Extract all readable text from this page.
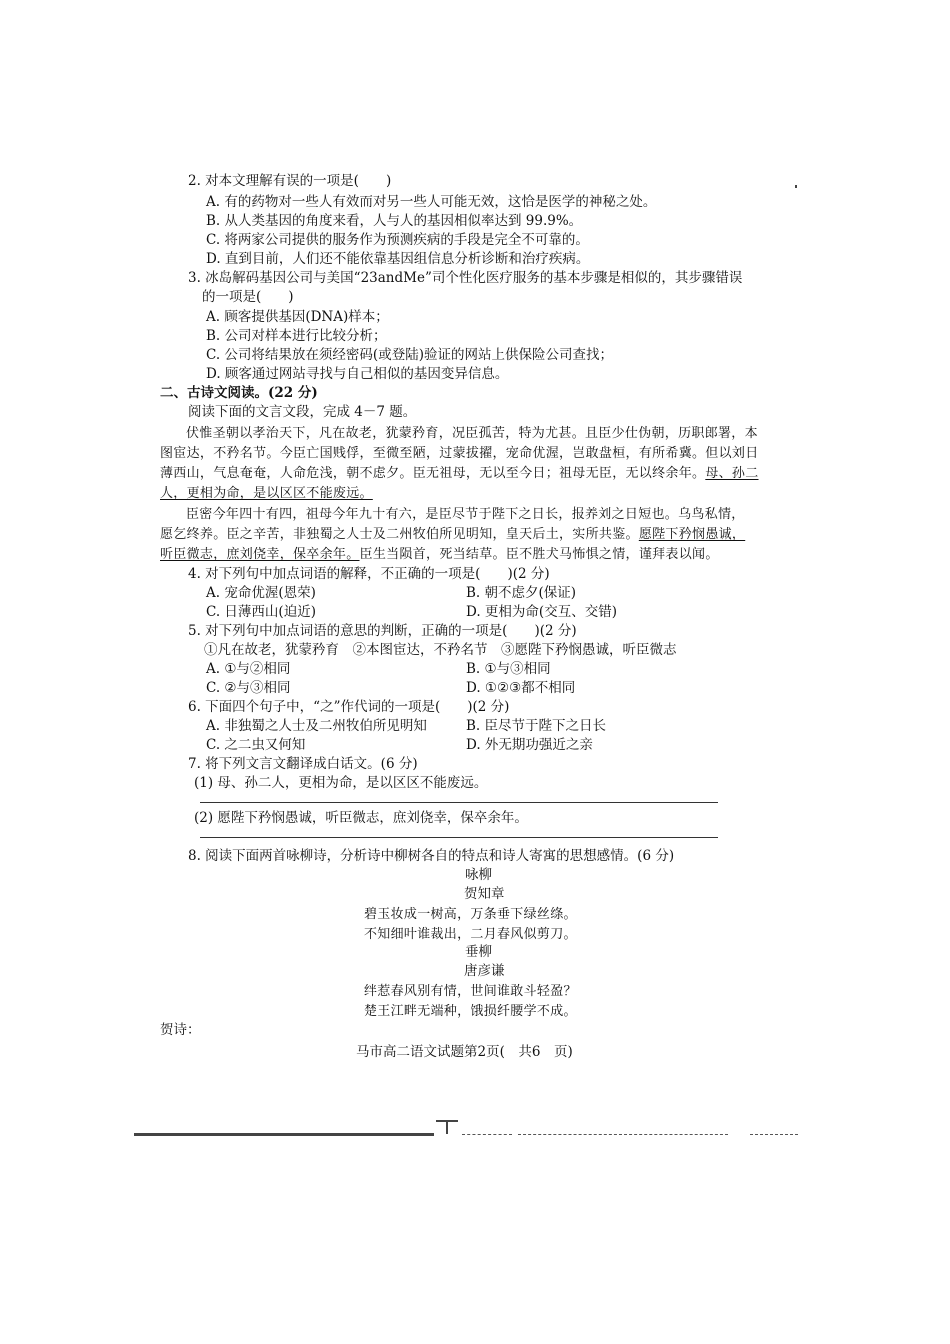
2. 对本文理解有误的一项是(　　)
A. 有的药物对一些人有效而对另一些人可能无效，这恰是医学的神秘之处。
B. 从人类基因的角度来看，人与人的基因相似率达到 99.9%。
C. 将两家公司提供的服务作为预测疾病的手段是完全不可靠的。
D. 直到目前，人们还不能依靠基因组信息分析诊断和治疗疾病。
3. 冰岛解码基因公司与美国“23andMe”司个性化医疗服务的基本步骤是相似的，其步骤错误
的一项是(　　)
A. 顾客提供基因(DNA)样本；
B. 公司对样本进行比较分析；
C. 公司将结果放在须经密码(或登陆)验证的网站上供保险公司查找；
D. 顾客通过网站寻找与自己相似的基因变异信息。
二、古诗文阅读。(22 分)
阅读下面的文言文段，完成 4－7 题。
伏惟圣朝以孝治天下，凡在故老，犹蒙矜育，况臣孤苦，特为尤甚。且臣少仕伪朝，历职郎署，本
图宦达，不矜名节。今臣亡国贱俘，至微至陋，过蒙拔擢，宠命优渥，岂敢盘桓，有所希冀。但以刘日
薄西山，气息奄奄，人命危浅，朝不虑夕。臣无祖母，无以至今日；祖母无臣，无以终余年。母、孙二
人，更相为命，是以区区不能废远。
臣密今年四十有四，祖母今年九十有六，是臣尽节于陛下之日长，报养刘之日短也。乌鸟私情，
愿乞终养。臣之辛苦，非独蜀之人士及二州牧伯所见明知，皇天后土，实所共鉴。愿陛下矜悯愚诚，
听臣微志，庶刘侥幸，保卒余年。臣生当陨首，死当结草。臣不胜犬马怖惧之情，谨拜表以闻。
4. 对下列句中加点词语的解释，不正确的一项是(　　)(2 分)
A. 宠命优渥(恩荣)	B. 朝不虑夕(保证)
C. 日薄西山(迫近)	D. 更相为命(交互、交错)
5. 对下列句中加点词语的意思的判断，正确的一项是(　　)(2 分)
①凡在故老，犹蒙矜育　②本图宦达，不矜名节　③愿陛下矜悯愚诚，听臣微志
A. ①与②相同	B. ①与③相同
C. ②与③相同	D. ①②③都不相同
6. 下面四个句子中，“之”作代词的一项是(　　)(2 分)
A. 非独蜀之人士及二州牧伯所见明知	B. 臣尽节于陛下之日长
C. 之二虫又何知	D. 外无期功强近之亲
7. 将下列文言文翻译成白话文。(6 分)
(1) 母、孙二人，更相为命，是以区区不能废远。
(2) 愿陛下矜悯愚诚，听臣微志，庶刘侥幸，保卒余年。
8. 阅读下面两首咏柳诗，分析诗中柳树各自的特点和诗人寄寓的思想感情。(6 分)
咏柳
贺知章
碧玉妆成一树高，万条垂下绿丝绦。
不知细叶谁裁出，二月春风似剪刀。
垂柳
唐彦谦
绊惹春风别有情，世间谁敢斗轻盈？
楚王江畔无端种，饿损纤腰学不成。
贺诗：
马市高二语文试题第2页(　共6　页)
